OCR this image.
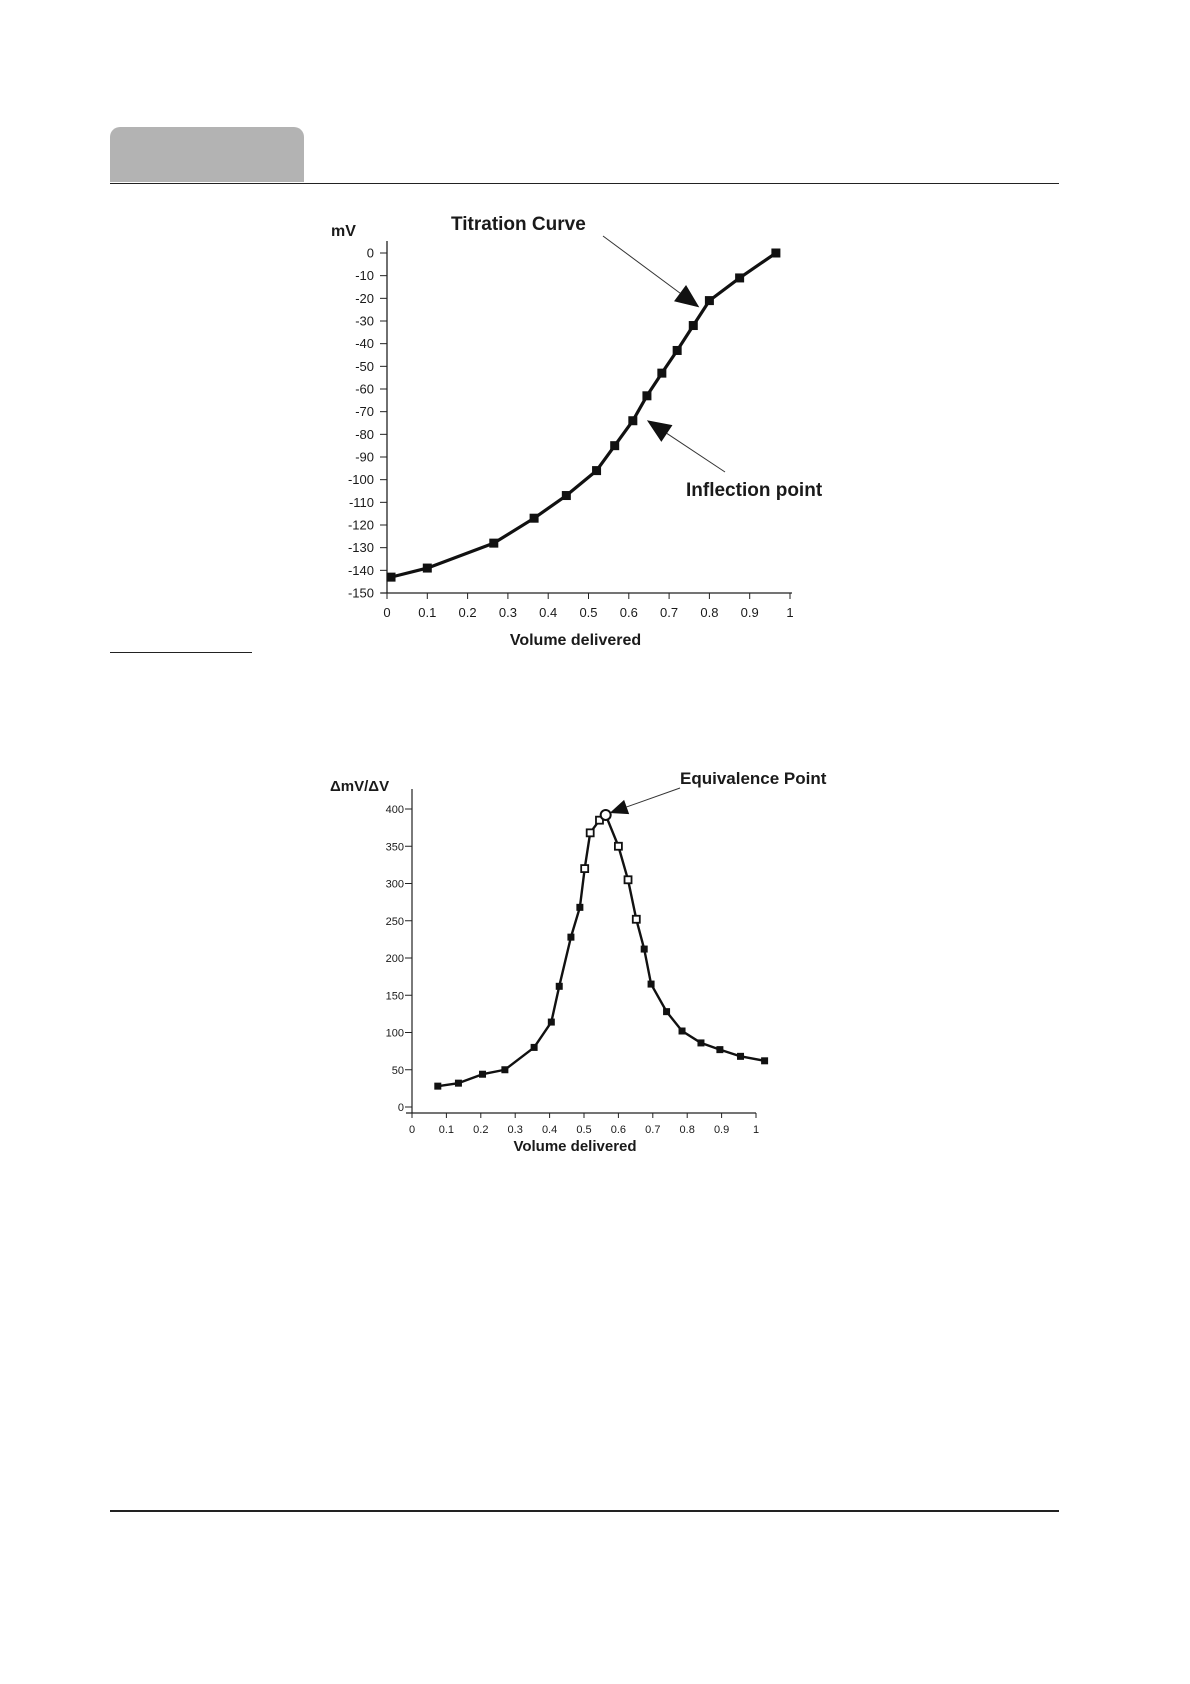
0
-10
-20
-30
-40
-50
-60
-70
-80
-90
-100
-110
-120
-130
-140
-150
0 0.1 0.2 0.3 0.4 0.5 0.6 0.7 0.8 0.9 1
mV
Volume delivered
Titration Curve
Inflection point
0
50
100
150
200
250
300
350
400
0 0.1 0.2 0.3 0.4 0.5 0.6 0.7 0.8 0.9 1
ΔmV/ΔV
Volume delivered
Equivalence Point
